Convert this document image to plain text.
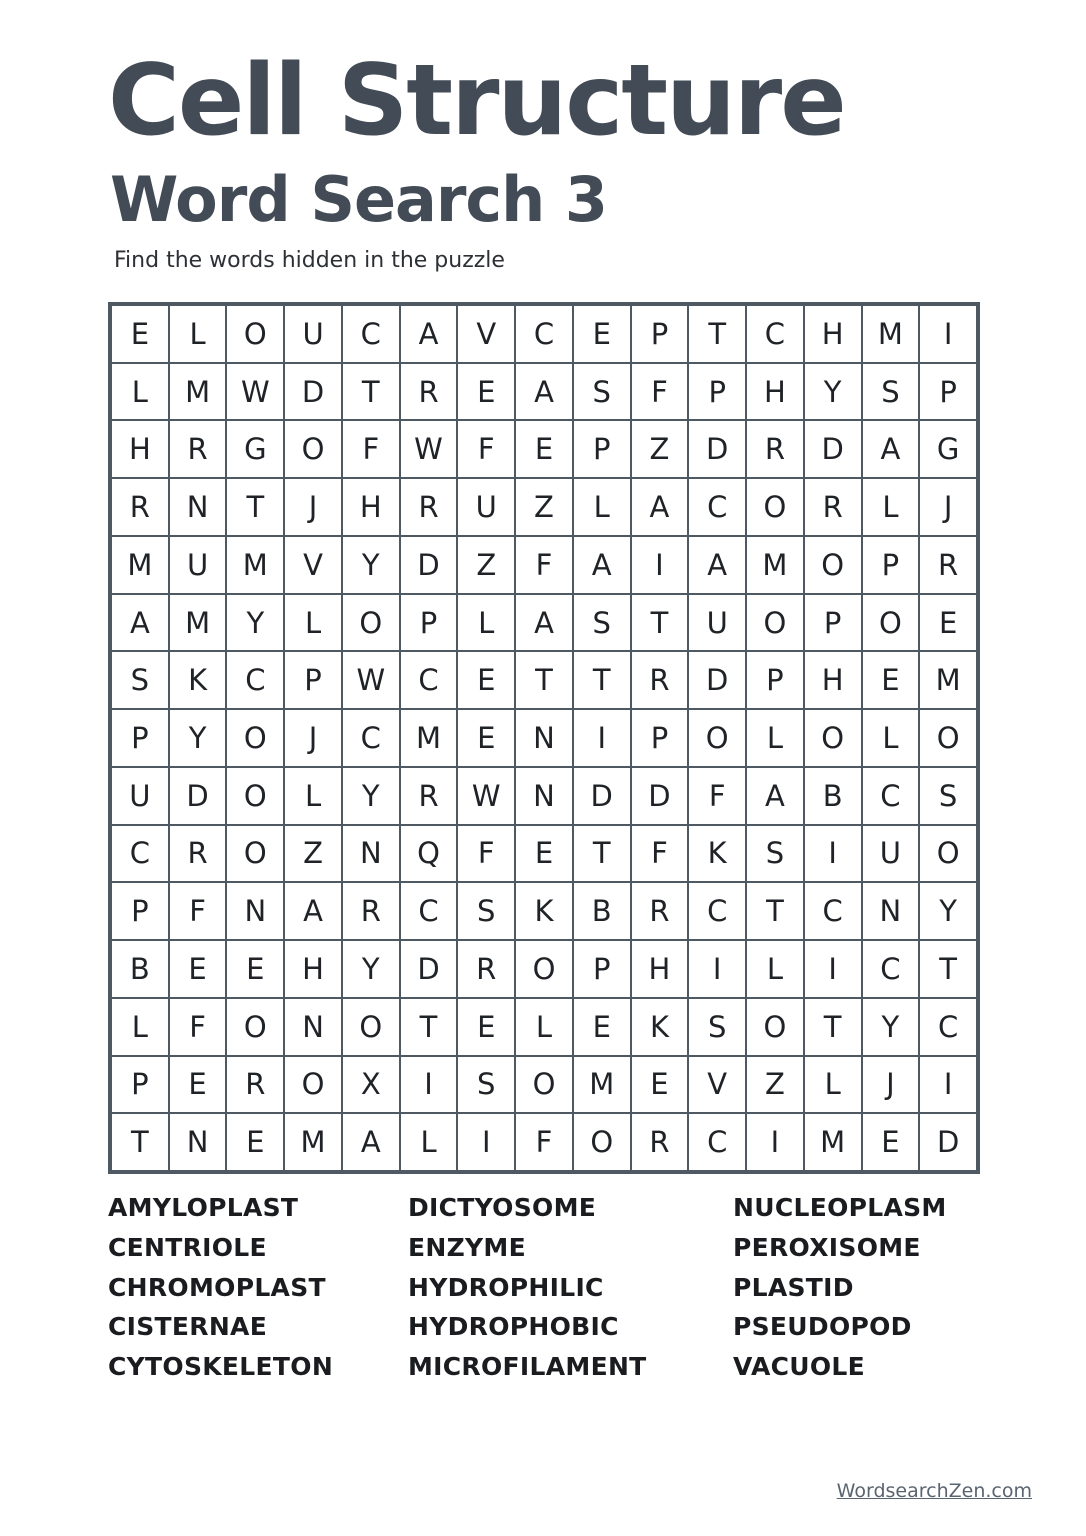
Cell Structure
Word Search 3
Find the words hidden in the puzzle
E	L	O	U	C	A	V	C	E	P	T	C	H	M	I
L	M	W	D	T	R	E	A	S	F	P	H	Y	S	P
H	R	G	O	F	W	F	E	P	Z	D	R	D	A	G
R	N	T	J	H	R	U	Z	L	A	C	O	R	L	J
M	U	M	V	Y	D	Z	F	A	I	A	M	O	P	R
A	M	Y	L	O	P	L	A	S	T	U	O	P	O	E
S	K	C	P	W	C	E	T	T	R	D	P	H	E	M
P	Y	O	J	C	M	E	N	I	P	O	L	O	L	O
U	D	O	L	Y	R	W	N	D	D	F	A	B	C	S
C	R	O	Z	N	Q	F	E	T	F	K	S	I	U	O
P	F	N	A	R	C	S	K	B	R	C	T	C	N	Y
B	E	E	H	Y	D	R	O	P	H	I	L	I	C	T
L	F	O	N	O	T	E	L	E	K	S	O	T	Y	C
P	E	R	O	X	I	S	O	M	E	V	Z	L	J	I
T	N	E	M	A	L	I	F	O	R	C	I	M	E	D
AMYLOPLAST
CENTRIOLE
CHROMOPLAST
CISTERNAE
CYTOSKELETON
DICTYOSOME
ENZYME
HYDROPHILIC
HYDROPHOBIC
MICROFILAMENT
NUCLEOPLASM
PEROXISOME
PLASTID
PSEUDOPOD
VACUOLE
WordsearchZen.com
